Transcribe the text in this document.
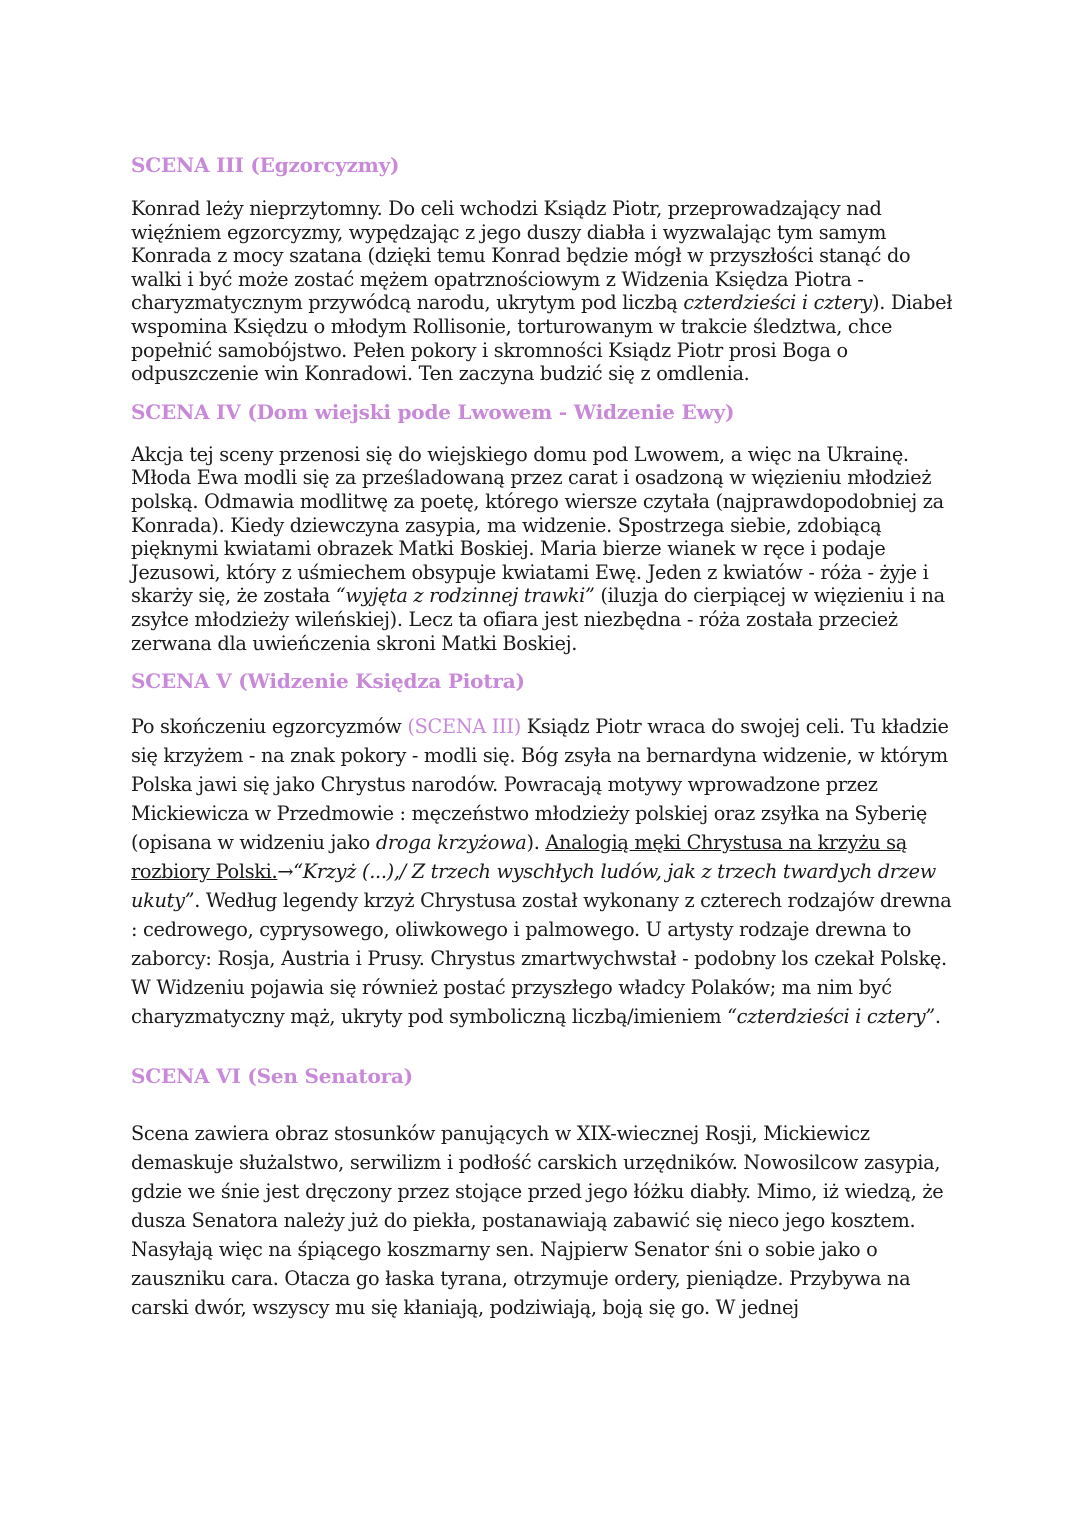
SCENA III (Egzorcyzmy)

Konrad leży nieprzytomny. Do celi wchodzi Ksiądz Piotr, przeprowadzający nad więźniem egzorcyzmy, wypędzając z jego duszy diabła i wyzwalając tym samym Konrada z mocy szatana (dzięki temu Konrad będzie mógł w przyszłości stanąć do walki i być może zostać mężem opatrznościowym z Widzenia Księdza Piotra - charyzmatycznym przywódcą narodu, ukrytym pod liczbą czterdzieści i cztery). Diabeł wspomina Księdzu o młodym Rollisonie, torturowanym w trakcie śledztwa, chce popełnić samobójstwo. Pełen pokory i skromności Ksiądz Piotr prosi Boga o odpuszczenie win Konradowi. Ten zaczyna budzić się z omdlenia.

SCENA IV (Dom wiejski pode Lwowem - Widzenie Ewy)

Akcja tej sceny przenosi się do wiejskiego domu pod Lwowem, a więc na Ukrainę. Młoda Ewa modli się za prześladowaną przez carat i osadzoną w więzieniu młodzież polską. Odmawia modlitwę za poetę, którego wiersze czytała (najprawdopodobniej za Konrada). Kiedy dziewczyna zasypia, ma widzenie. Spostrzega siebie, zdobiącą pięknymi kwiatami obrazek Matki Boskiej. Maria bierze wianek w ręce i podaje Jezusowi, który z uśmiechem obsypuje kwiatami Ewę. Jeden z kwiatów - róża - żyje i skarży się, że została “wyjęta z rodzinnej trawki” (iluzja do cierpiącej w więzieniu i na zsyłce młodzieży wileńskiej). Lecz ta ofiara jest niezbędna - róża została przecież zerwana dla uwieńczenia skroni Matki Boskiej.

SCENA V (Widzenie Księdza Piotra)

Po skończeniu egzorcyzmów (SCENA III) Ksiądz Piotr wraca do swojej celi. Tu kładzie się krzyżem - na znak pokory - modli się. Bóg zsyła na bernardyna widzenie, w którym Polska jawi się jako Chrystus narodów. Powracają motywy wprowadzone przez Mickiewicza w Przedmowie : męczeństwo młodzieży polskiej oraz zsyłka na Syberię (opisana w widzeniu jako droga krzyżowa). Analogią męki Chrystusa na krzyżu są rozbiory Polski.→“Krzyż (...),/ Z trzech wyschłych ludów, jak z trzech twardych drzew ukuty”. Według legendy krzyż Chrystusa został wykonany z czterech rodzajów drewna : cedrowego, cyprysowego, oliwkowego i palmowego. U artysty rodzaje drewna to zaborcy: Rosja, Austria i Prusy. Chrystus zmartwychwstał - podobny los czekał Polskę. W Widzeniu pojawia się również postać przyszłego władcy Polaków; ma nim być charyzmatyczny mąż, ukryty pod symboliczną liczbą/imieniem “czterdzieści i cztery”.

SCENA VI (Sen Senatora)

Scena zawiera obraz stosunków panujących w XIX-wiecznej Rosji, Mickiewicz demaskuje służalstwo, serwilizm i podłość carskich urzędników. Nowosilcow zasypia, gdzie we śnie jest dręczony przez stojące przed jego łóżku diabły. Mimo, iż wiedzą, że dusza Senatora należy już do piekła, postanawiają zabawić się nieco jego kosztem. Nasyłają więc na śpiącego koszmarny sen. Najpierw Senator śni o sobie jako o zauszniku cara. Otacza go łaska tyrana, otrzymuje ordery, pieniądze. Przybywa na carski dwór, wszyscy mu się kłaniają, podziwiają, boją się go. W jednej
